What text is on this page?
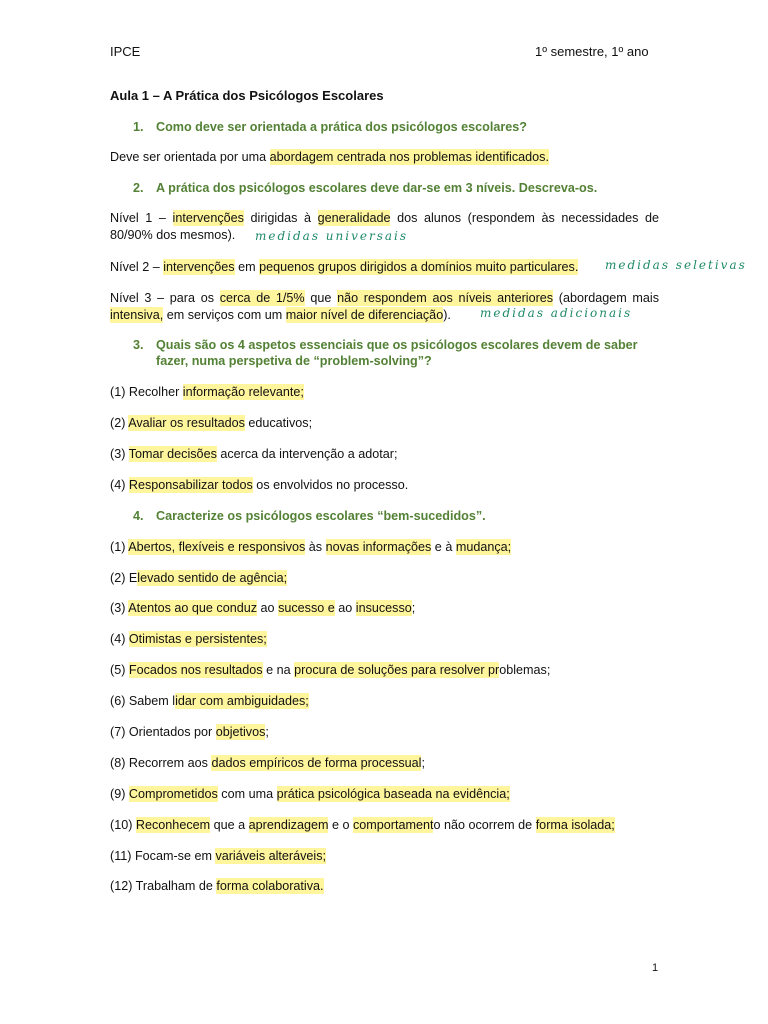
IPCE	1º semestre, 1º ano
Aula 1 – A Prática dos Psicólogos Escolares
1. Como deve ser orientada a prática dos psicólogos escolares?
Deve ser orientada por uma abordagem centrada nos problemas identificados.
2. A prática dos psicólogos escolares deve dar-se em 3 níveis. Descreva-os.
Nível 1 – intervenções dirigidas à generalidade dos alunos (respondem às necessidades de 80/90% dos mesmos).	medidas universais
Nível 2 – intervenções em pequenos grupos dirigidos a domínios muito particulares.	medidas seletivas
Nível 3 – para os cerca de 1/5% que não respondem aos níveis anteriores (abordagem mais intensiva, em serviços com um maior nível de diferenciação).	medidas adicionais
3. Quais são os 4 aspetos essenciais que os psicólogos escolares devem de saber fazer, numa perspetiva de “problem-solving”?
(1) Recolher informação relevante;
(2) Avaliar os resultados educativos;
(3) Tomar decisões acerca da intervenção a adotar;
(4) Responsabilizar todos os envolvidos no processo.
4. Caracterize os psicólogos escolares “bem-sucedidos”.
(1) Abertos, flexíveis e responsivos às novas informações e à mudança;
(2) Elevado sentido de agência;
(3) Atentos ao que conduz ao sucesso e ao insucesso;
(4) Otimistas e persistentes;
(5) Focados nos resultados e na procura de soluções para resolver problemas;
(6) Sabem lidar com ambiguidades;
(7) Orientados por objetivos;
(8) Recorrem aos dados empíricos de forma processual;
(9) Comprometidos com uma prática psicológica baseada na evidência;
(10) Reconhecem que a aprendizagem e o comportamento não ocorrem de forma isolada;
(11) Focam-se em variáveis alteráveis;
(12) Trabalham de forma colaborativa.
1
